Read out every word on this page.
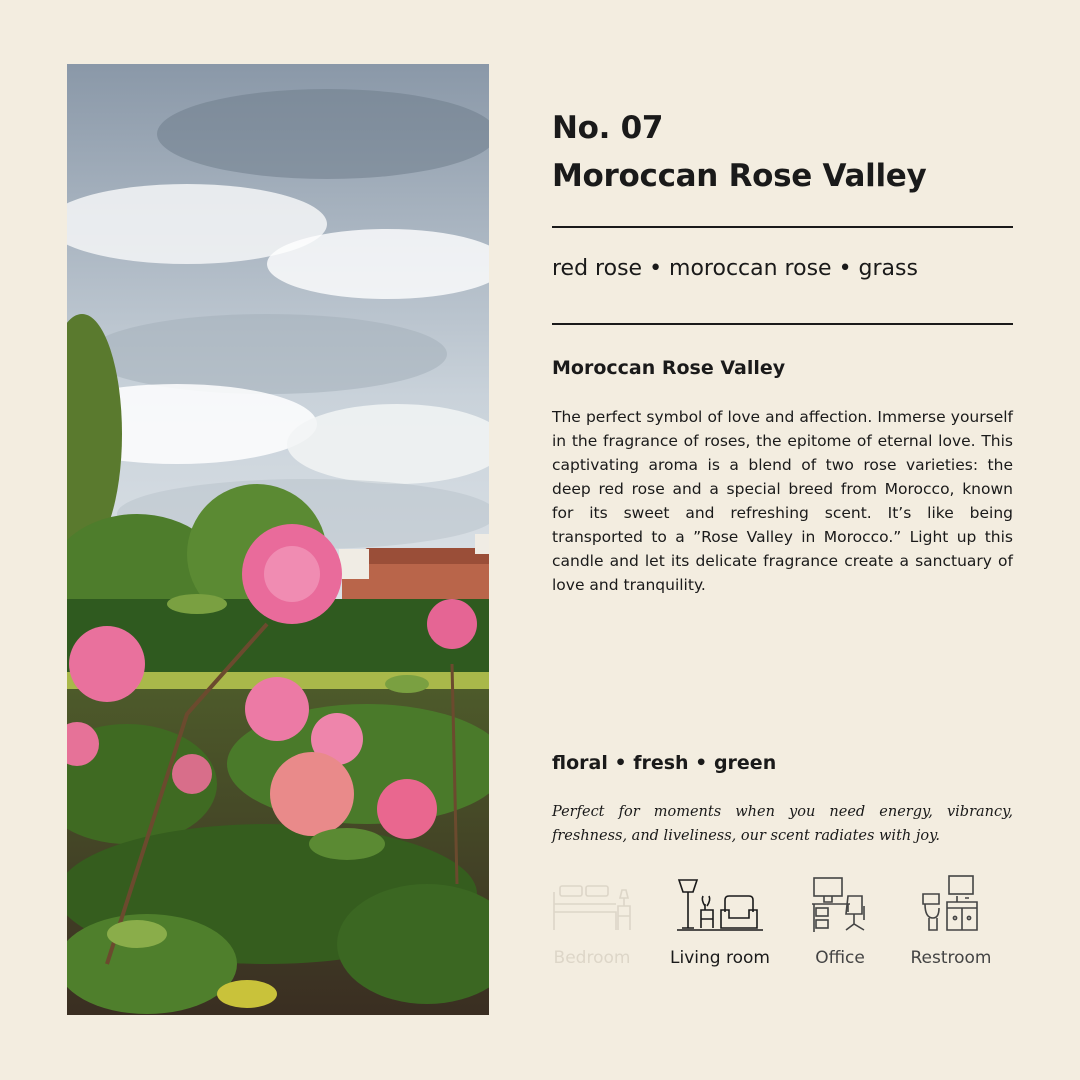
No. 07
Moroccan Rose Valley
red rose • moroccan rose • grass
Moroccan Rose Valley
The perfect symbol of love and affection. Immerse yourself in the fragrance of roses, the epitome of eternal love. This captivating aroma is a blend of two rose varieties: the deep red rose and a special breed from Morocco, known for its sweet and refreshing scent. It’s like being transported to a ”Rose Valley in Morocco.” Light up this candle and let its delicate fragrance create a sanctuary of love and tranquility.
floral • fresh • green
Perfect for moments when you need energy, vibrancy, freshness, and liveliness, our scent radiates with joy.
Bedroom Living room	Office	Restroom
